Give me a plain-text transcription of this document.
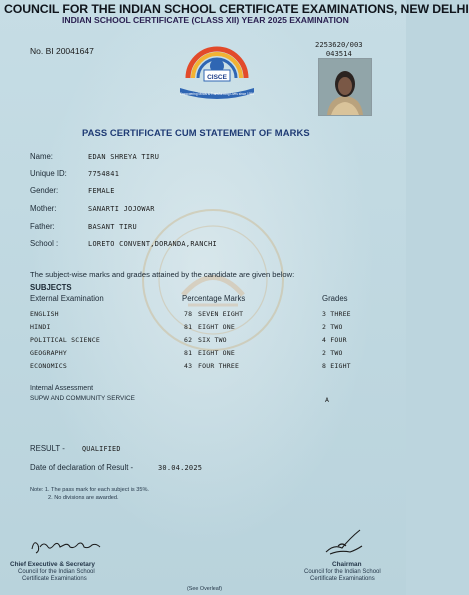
COUNCIL FOR THE INDIAN SCHOOL CERTIFICATE EXAMINATIONS, NEW DELHI
INDIAN SCHOOL CERTIFICATE (CLASS XII) YEAR 2025 EXAMINATION
No. BI 20041647
2253620/003
043514
CISCE
Empowering Minds & Transforming Lives since 1958
PASS CERTIFICATE CUM STATEMENT OF MARKS
Name:	EDAN SHREYA TIRU
Unique ID:	7754841
Gender:	FEMALE
Mother:	SANARTI JOJOWAR
Father:	BASANT TIRU
School :	LORETO CONVENT,DORANDA,RANCHI
The subject-wise marks and grades attained by the candidate are given below:
SUBJECTS
External Examination	Percentage Marks	Grades
ENGLISH	78 SEVEN EIGHT	3 THREE
HINDI	81 EIGHT ONE	2 TWO
POLITICAL SCIENCE	62 SIX TWO	4 FOUR
GEOGRAPHY	81 EIGHT ONE	2 TWO
ECONOMICS	43 FOUR THREE	8 EIGHT
Internal Assessment
SUPW AND COMMUNITY SERVICE	A
RESULT -	QUALIFIED
Date of declaration of Result -	30.04.2025
Note: 1. The pass mark for each subject is 35%.
2. No divisions are awarded.
Chief Executive & Secretary
Council for the Indian School
Certificate Examinations
Chairman
Council for the Indian School
Certificate Examinations
(See Overleaf)
